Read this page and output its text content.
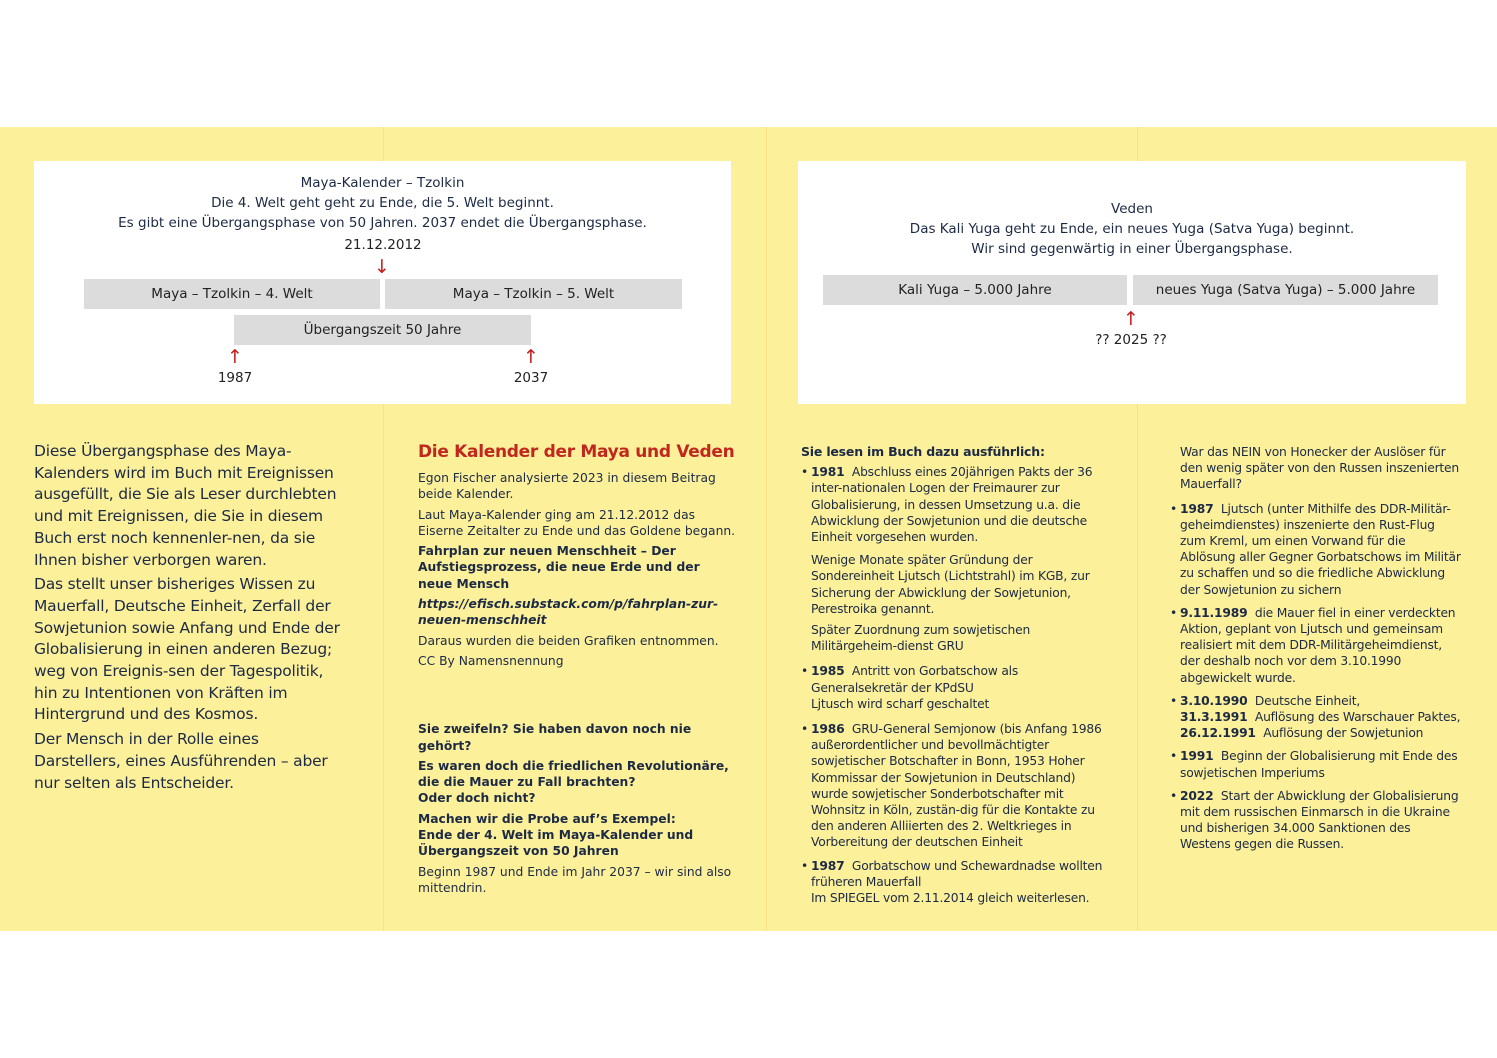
Maya-Kalender – Tzolkin
Die 4. Welt geht geht zu Ende, die 5. Welt beginnt.
Es gibt eine Übergangsphase von 50 Jahren. 2037 endet die Übergangsphase.
21.12.2012
↓
Maya – Tzolkin – 4. Welt	Maya – Tzolkin – 5. Welt
Übergangszeit 50 Jahre
↑	↑
1987	2037
Veden
Das Kali Yuga geht zu Ende, ein neues Yuga (Satva Yuga) beginnt.
Wir sind gegenwärtig in einer Übergangsphase.
Kali Yuga – 5.000 Jahre	neues Yuga (Satva Yuga) – 5.000 Jahre
↑
?? 2025 ??

Diese Übergangsphase des Maya-Kalenders wird im Buch mit Ereignissen ausgefüllt, die Sie als Leser durchlebten und mit Ereignissen, die Sie in diesem Buch erst noch kennenler-nen, da sie Ihnen bisher verborgen waren.

Das stellt unser bisheriges Wissen zu Mauerfall, Deutsche Einheit, Zerfall der Sowjetunion sowie Anfang und Ende der Globalisierung in einen anderen Bezug; weg von Ereignis-sen der Tagespolitik, hin zu Intentionen von Kräften im Hintergrund und des Kosmos.

Der Mensch in der Rolle eines Darstellers, eines Ausführenden – aber nur selten als Entscheider.

Die Kalender der Maya und Veden

Egon Fischer analysierte 2023 in diesem Beitrag beide Kalender.

Laut Maya-Kalender ging am 21.12.2012 das Eiserne Zeitalter zu Ende und das Goldene begann.

Fahrplan zur neuen Menschheit – Der Aufstiegsprozess, die neue Erde und der neue Mensch

https://efisch.substack.com/p/fahrplan-zur-neuen-menschheit

Daraus wurden die beiden Grafiken entnommen.

CC By Namensnennung

Sie zweifeln? Sie haben davon noch nie gehört?

Es waren doch die friedlichen Revolutionäre,

die die Mauer zu Fall brachten?

Oder doch nicht?

Machen wir die Probe auf’s Exempel:

Ende der 4. Welt im Maya-Kalender und

Übergangszeit von 50 Jahren

Beginn 1987 und Ende im Jahr 2037 – wir sind also mittendrin.

Sie lesen im Buch dazu ausführlich:
• 1981 Abschluss eines 20jährigen Pakts der 36 inter-nationalen Logen der Freimaurer zur Globalisierung, in dessen Umsetzung u.a. die Abwicklung der Sowjetunion und die deutsche Einheit vorgesehen wurden.
Wenige Monate später Gründung der Sondereinheit Ljutsch (Lichtstrahl) im KGB, zur Sicherung der Abwicklung der Sowjetunion, Perestroika genannt.
Später Zuordnung zum sowjetischen Militärgeheim-dienst GRU
• 1985 Antritt von Gorbatschow als Generalsekretär der KPdSU
Ljtusch wird scharf geschaltet
• 1986 GRU-General Semjonow (bis Anfang 1986 außerordentlicher und bevollmächtigter sowjetischer Botschafter in Bonn, 1953 Hoher Kommissar der Sowjetunion in Deutschland) wurde sowjetischer Sonderbotschafter mit Wohnsitz in Köln, zustän-dig für die Kontakte zu den anderen Alliierten des 2. Weltkrieges in Vorbereitung der deutschen Einheit
• 1987 Gorbatschow und Schewardnadse wollten früheren Mauerfall
Im SPIEGEL vom 2.11.2014 gleich weiterlesen.
War das NEIN von Honecker der Auslöser für den wenig später von den Russen inszenierten Mauerfall?
• 1987 Ljutsch (unter Mithilfe des DDR-Militär-geheimdienstes) inszenierte den Rust-Flug zum Kreml, um einen Vorwand für die Ablösung aller Gegner Gorbatschows im Militär zu schaffen und so die friedliche Abwicklung der Sowjetunion zu sichern
• 9.11.1989 die Mauer fiel in einer verdeckten Aktion, geplant von Ljutsch und gemeinsam realisiert mit dem DDR-Militärgeheimdienst, der deshalb noch vor dem 3.10.1990 abgewickelt wurde.
• 3.10.1990 Deutsche Einheit,
31.3.1991 Auflösung des Warschauer Paktes,
26.12.1991 Auflösung der Sowjetunion
• 1991 Beginn der Globalisierung mit Ende des sowjetischen Imperiums
• 2022 Start der Abwicklung der Globalisierung mit dem russischen Einmarsch in die Ukraine und bisherigen 34.000 Sanktionen des Westens gegen die Russen.
